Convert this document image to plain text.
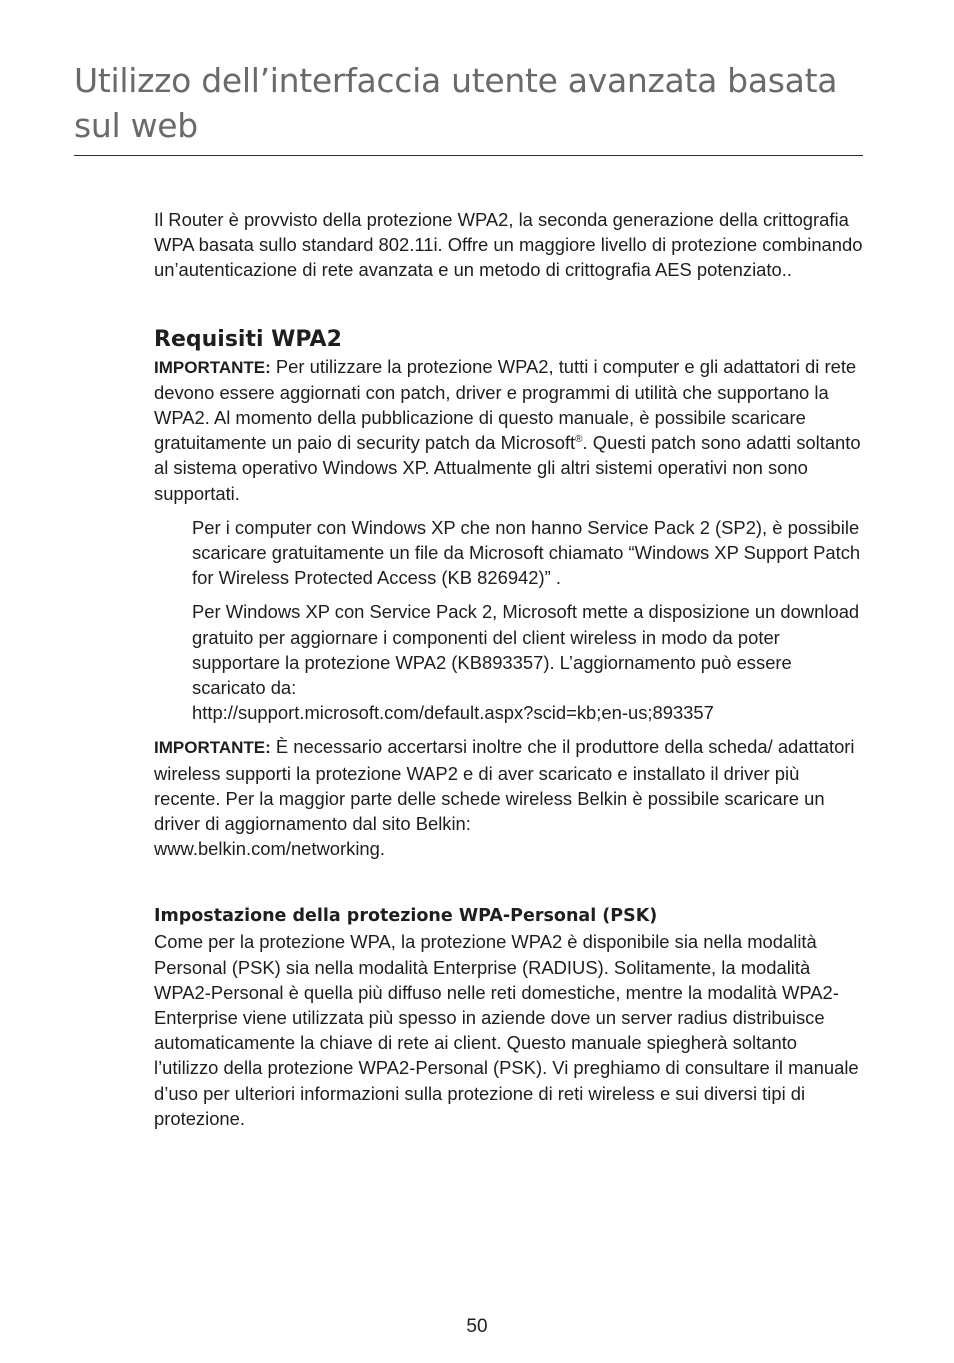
Utilizzo dell’interfaccia utente avanzata basata sul web

Il Router è provvisto della protezione WPA2, la seconda generazione della crittografia WPA basata sullo standard 802.11i. Offre un maggiore livello di protezione combinando un’autenticazione di rete avanzata e un metodo di crittografia AES potenziato..

Requisiti WPA2

IMPORTANTE: Per utilizzare la protezione WPA2, tutti i computer e gli adattatori di rete devono essere aggiornati con patch, driver e programmi di utilità che supportano la WPA2. Al momento della pubblicazione di questo manuale, è possibile scaricare gratuitamente un paio di security patch da Microsoft®. Questi patch sono adatti soltanto al sistema operativo Windows XP. Attualmente gli altri sistemi operativi non sono supportati.

Per i computer con Windows XP che non hanno Service Pack 2 (SP2), è possibile scaricare gratuitamente un file da Microsoft chiamato “Windows XP Support Patch for Wireless Protected Access (KB 826942)” .

Per Windows XP con Service Pack 2, Microsoft mette a disposizione un download gratuito per aggiornare i componenti del client wireless in modo da poter supportare la protezione WPA2 (KB893357). L’aggiornamento può essere scaricato da:
http://support.microsoft.com/default.aspx?scid=kb;en-us;893357

IMPORTANTE: È necessario accertarsi inoltre che il produttore della scheda/ adattatori wireless supporti la protezione WAP2 e di aver scaricato e installato il driver più recente. Per la maggior parte delle schede wireless Belkin è possibile scaricare un driver di aggiornamento dal sito Belkin:
www.belkin.com/networking.

Impostazione della protezione WPA-Personal (PSK)

Come per la protezione WPA, la protezione WPA2 è disponibile sia nella modalità Personal (PSK) sia nella modalità Enterprise (RADIUS). Solitamente, la modalità WPA2-Personal è quella più diffuso nelle reti domestiche, mentre la modalità WPA2-Enterprise viene utilizzata più spesso in aziende dove un server radius distribuisce automaticamente la chiave di rete ai client. Questo manuale spiegherà soltanto l’utilizzo della protezione WPA2-Personal (PSK). Vi preghiamo di consultare il manuale d’uso per ulteriori informazioni sulla protezione di reti wireless e sui diversi tipi di protezione.

50
